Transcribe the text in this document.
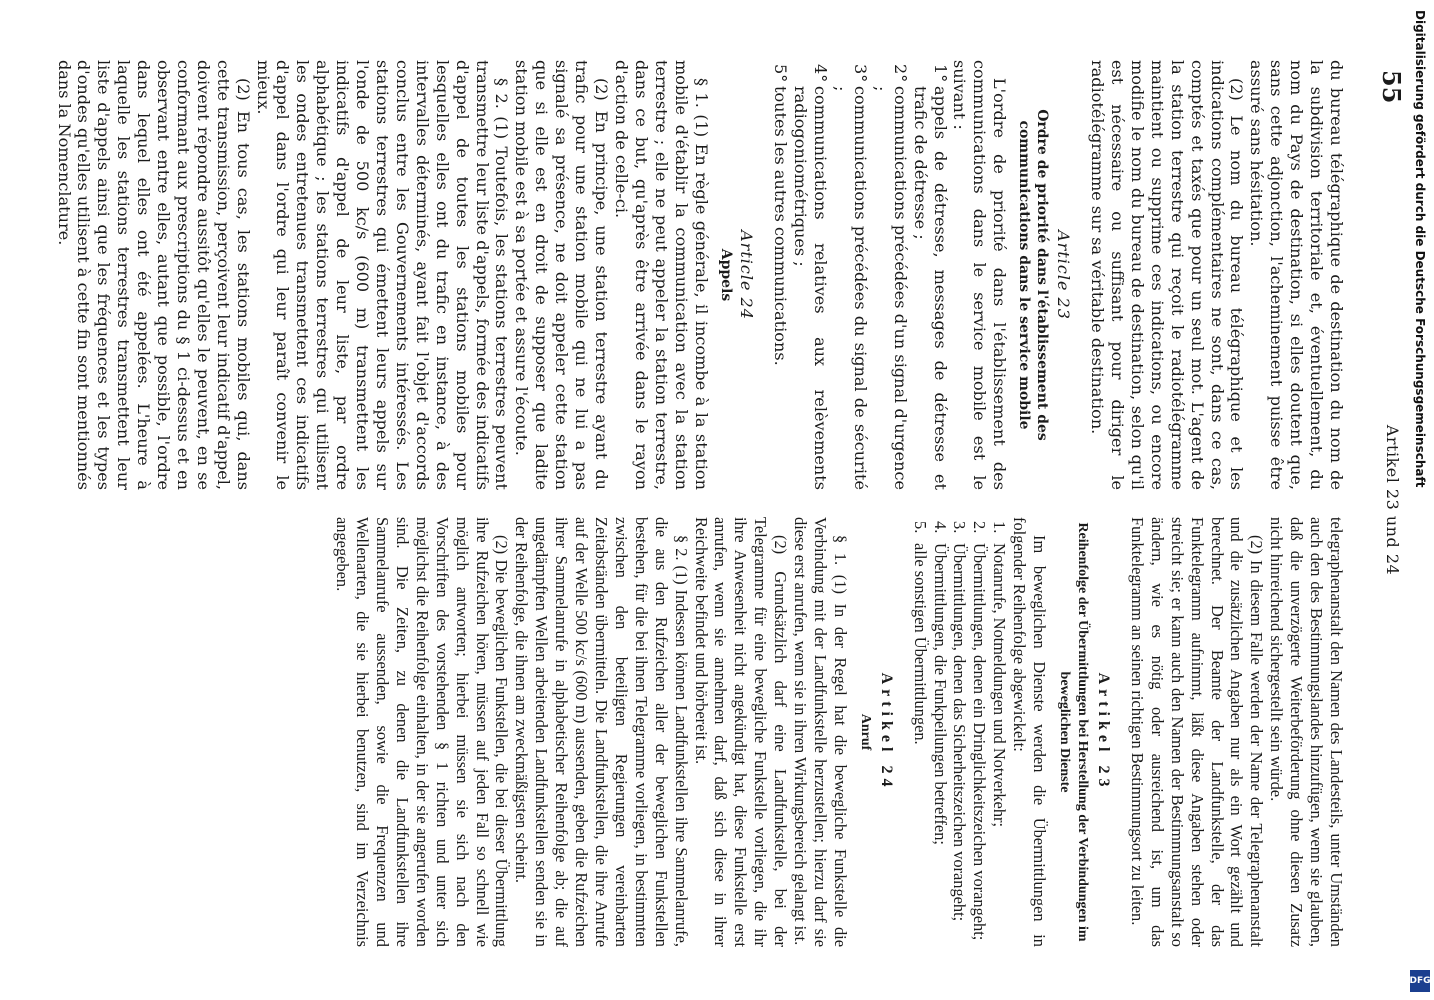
55
Artikel 23 und 24

du bureau télégraphique de destination du nom de la subdivision territoriale et, éventuellement, du nom du Pays de destination, si elles doutent que, sans cette adjonction, l'acheminement puisse être assuré sans hésitation.

(2) Le nom du bureau télégraphique et les indications complémentaires ne sont, dans ce cas, comptés et taxés que pour un seul mot. L'agent de la station terrestre qui reçoit le radiotélégramme maintient ou supprime ces indications, ou encore modifie le nom du bureau de destination, selon qu'il est nécessaire ou suffisant pour diriger le radiotélégramme sur sa véritable destination.

Article 23
Ordre de priorité dans l'établissement des communications dans le service mobile

L'ordre de priorité dans l'établissement des communications dans le service mobile est le suivant :

1°
appels de détresse, messages de détresse et trafic de détresse ;
2°
communications précédées d'un signal d'urgence ;
3°
communications précédées du signal de sécurité ;
4°
communications relatives aux relèvements radiogoniométriques ;
5°
toutes les autres communications.
Article 24
Appels

§ 1. (1) En règle générale, il incombe à la station mobile d'établir la communication avec la station terrestre ; elle ne peut appeler la station terrestre, dans ce but, qu'après être arrivée dans le rayon d'action de celle-ci.

(2) En principe, une station terrestre ayant du trafic pour une station mobile qui ne lui a pas signalé sa présence, ne doit appeler cette station que si elle est en droit de supposer que ladite station mobile est à sa portée et assure l'écoute.

§ 2. (1) Toutefois, les stations terrestres peuvent transmettre leur liste d'appels, formée des indicatifs d'appel de toutes les stations mobiles pour lesquelles elles ont du trafic en instance, à des intervalles déterminés, ayant fait l'objet d'accords conclus entre les Gouvernements intéressés. Les stations terrestres qui émettent leurs appels sur l'onde de 500 kc/s (600 m) transmettent les indicatifs d'appel de leur liste, par ordre alphabétique ; les stations terrestres qui utilisent les ondes entretenues transmettent ces indicatifs d'appel dans l'ordre qui leur paraît convenir le mieux.

(2) En tous cas, les stations mobiles qui, dans cette transmission, perçoivent leur indicatif d'appel, doivent répondre aussitôt qu'elles le peuvent, en se conformant aux prescriptions du § 1 ci-dessus et en observant entre elles, autant que possible, l'ordre dans lequel elles ont été appelées. L'heure à laquelle les stations terrestres transmettent leur liste d'appels ainsi que les fréquences et les types d'ondes qu'elles utilisent à cette fin sont mentionnés dans la Nomenclature.

telegraphenanstalt den Namen des Landesteils, unter Umständen auch den des Bestimmungslandes hinzufügen, wenn sie glauben, daß die unverzögerte Weiterbeförderung ohne diesen Zusatz nicht hinreichend sichergestellt sein würde.

(2) In diesem Falle werden der Name der Telegraphenanstalt und die zusätzlichen Angaben nur als ein Wort gezählt und berechnet. Der Beamte der Landfunkstelle, der das Funktelegramm aufnimmt, läßt diese Angaben stehen oder streicht sie; er kann auch den Namen der Bestimmungsanstalt so ändern, wie es nötig oder ausreichend ist, um das Funktelegramm an seinen richtigen Bestimmungsort zu leiten.

Artikel 23
Reihenfolge der Übermittlungen bei Herstellung der Verbindungen im beweglichen Dienste

Im beweglichen Dienste werden die Übermittlungen in folgender Reihenfolge abgewickelt:

1.
Notanrufe, Notmeldungen und Notverkehr;
2.
Übermittlungen, denen ein Dringlichkeitszeichen vorangeht;
3.
Übermittlungen, denen das Sicherheitszeichen vorangeht;
4.
Übermittlungen, die Funkpeilungen betreffen;
5.
alle sonstigen Übermittlungen.
Artikel 24
Anruf

§ 1. (1) In der Regel hat die bewegliche Funkstelle die Verbindung mit der Landfunkstelle herzustellen; hierzu darf sie diese erst anrufen, wenn sie in ihren Wirkungsbereich gelangt ist.

(2) Grundsätzlich darf eine Landfunkstelle, bei der Telegramme für eine bewegliche Funkstelle vorliegen, die ihr ihre Anwesenheit nicht angekündigt hat, diese Funkstelle erst anrufen, wenn sie annehmen darf, daß sich diese in ihrer Reichweite befindet und hörbereit ist.

§ 2. (1) Indessen können Landfunkstellen ihre Sammelanrufe, die aus den Rufzeichen aller der beweglichen Funkstellen bestehen, für die bei ihnen Telegramme vorliegen, in bestimmten zwischen den beteiligten Regierungen vereinbarten Zeitabständen übermitteln. Die Landfunkstellen, die ihre Anrufe auf der Welle 500 kc/s (600 m) aussenden, geben die Rufzeichen ihrer Sammelanrufe in alphabetischer Reihenfolge ab; die auf ungedämpften Wellen arbeitenden Landfunkstellen senden sie in der Reihenfolge, die ihnen am zweckmäßigsten scheint.

(2) Die beweglichen Funkstellen, die bei dieser Übermittlung ihre Rufzeichen hören, müssen auf jeden Fall so schnell wie möglich antworten; hierbei müssen sie sich nach den Vorschriften des vorstehenden § 1 richten und unter sich möglichst die Reihenfolge einhalten, in der sie angerufen worden sind. Die Zeiten, zu denen die Landfunkstellen ihre Sammelanrufe aussenden, sowie die Frequenzen und Wellenarten, die sie hierbei benutzen, sind im Verzeichnis angegeben.

Digitalisierung gefördert durch die Deutsche Forschungsgemeinschaft
DFG
